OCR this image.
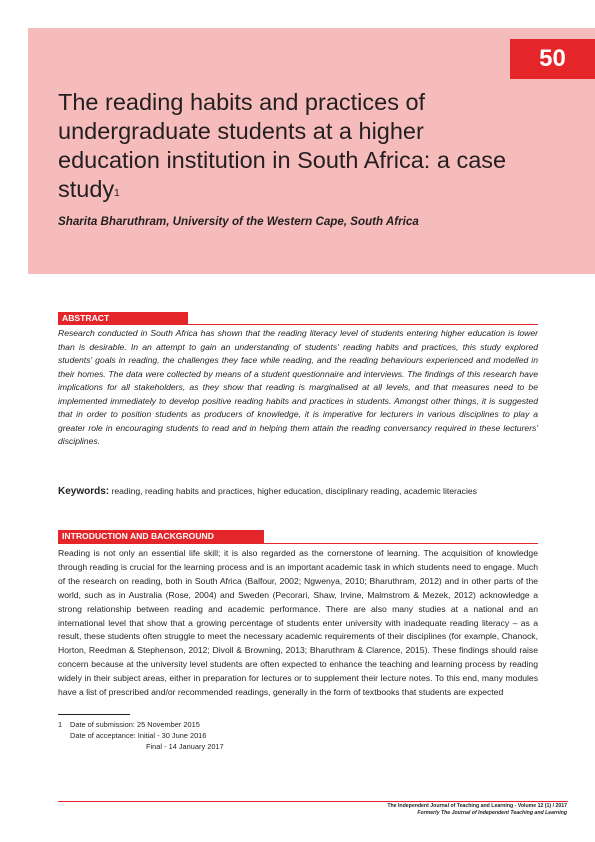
50
The reading habits and practices of undergraduate students at a higher education institution in South Africa: a case study$^1$
Sharita Bharuthram, University of the Western Cape, South Africa
ABSTRACT

Research conducted in South Africa has shown that the reading literacy level of students entering higher education is lower than is desirable. In an attempt to gain an understanding of students' reading habits and practices, this study explored students' goals in reading, the challenges they face while reading, and the reading behaviours experienced and modelled in their homes. The data were collected by means of a student questionnaire and interviews. The findings of this research have implications for all stakeholders, as they show that reading is marginalised at all levels, and that measures need to be implemented immediately to develop positive reading habits and practices in students. Amongst other things, it is suggested that in order to position students as producers of knowledge, it is imperative for lecturers in various disciplines to play a greater role in encouraging students to read and in helping them attain the reading conversancy required in these lecturers' disciplines.

Keywords: reading, reading habits and practices, higher education, disciplinary reading, academic literacies

INTRODUCTION AND BACKGROUND

Reading is not only an essential life skill; it is also regarded as the cornerstone of learning. The acquisition of knowledge through reading is crucial for the learning process and is an important academic task in which students need to engage. Much of the research on reading, both in South Africa (Balfour, 2002; Ngwenya, 2010; Bharuthram, 2012) and in other parts of the world, such as in Australia (Rose, 2004) and Sweden (Pecorari, Shaw, Irvine, Malmstrom & Mezek, 2012) acknowledge a strong relationship between reading and academic performance. There are also many studies at a national and an international level that show that a growing percentage of students enter university with inadequate reading literacy – as a result, these students often struggle to meet the necessary academic requirements of their disciplines (for example, Chanock, Horton, Reedman & Stephenson, 2012; Divoll & Browning, 2013; Bharuthram & Clarence, 2015). These findings should raise concern because at the university level students are often expected to enhance the teaching and learning process by reading widely in their subject areas, either in preparation for lectures or to supplement their lecture notes. To this end, many modules have a list of prescribed and/or recommended readings, generally in the form of textbooks that students are expected

1	Date of submission: 25 November 2015
Date of acceptance: Initial - 30 June 2016
Final - 14 January 2017
The Independent Journal of Teaching and Learning - Volume 12 (1) / 2017
Formerly The Journal of Independent Teaching and Learning
